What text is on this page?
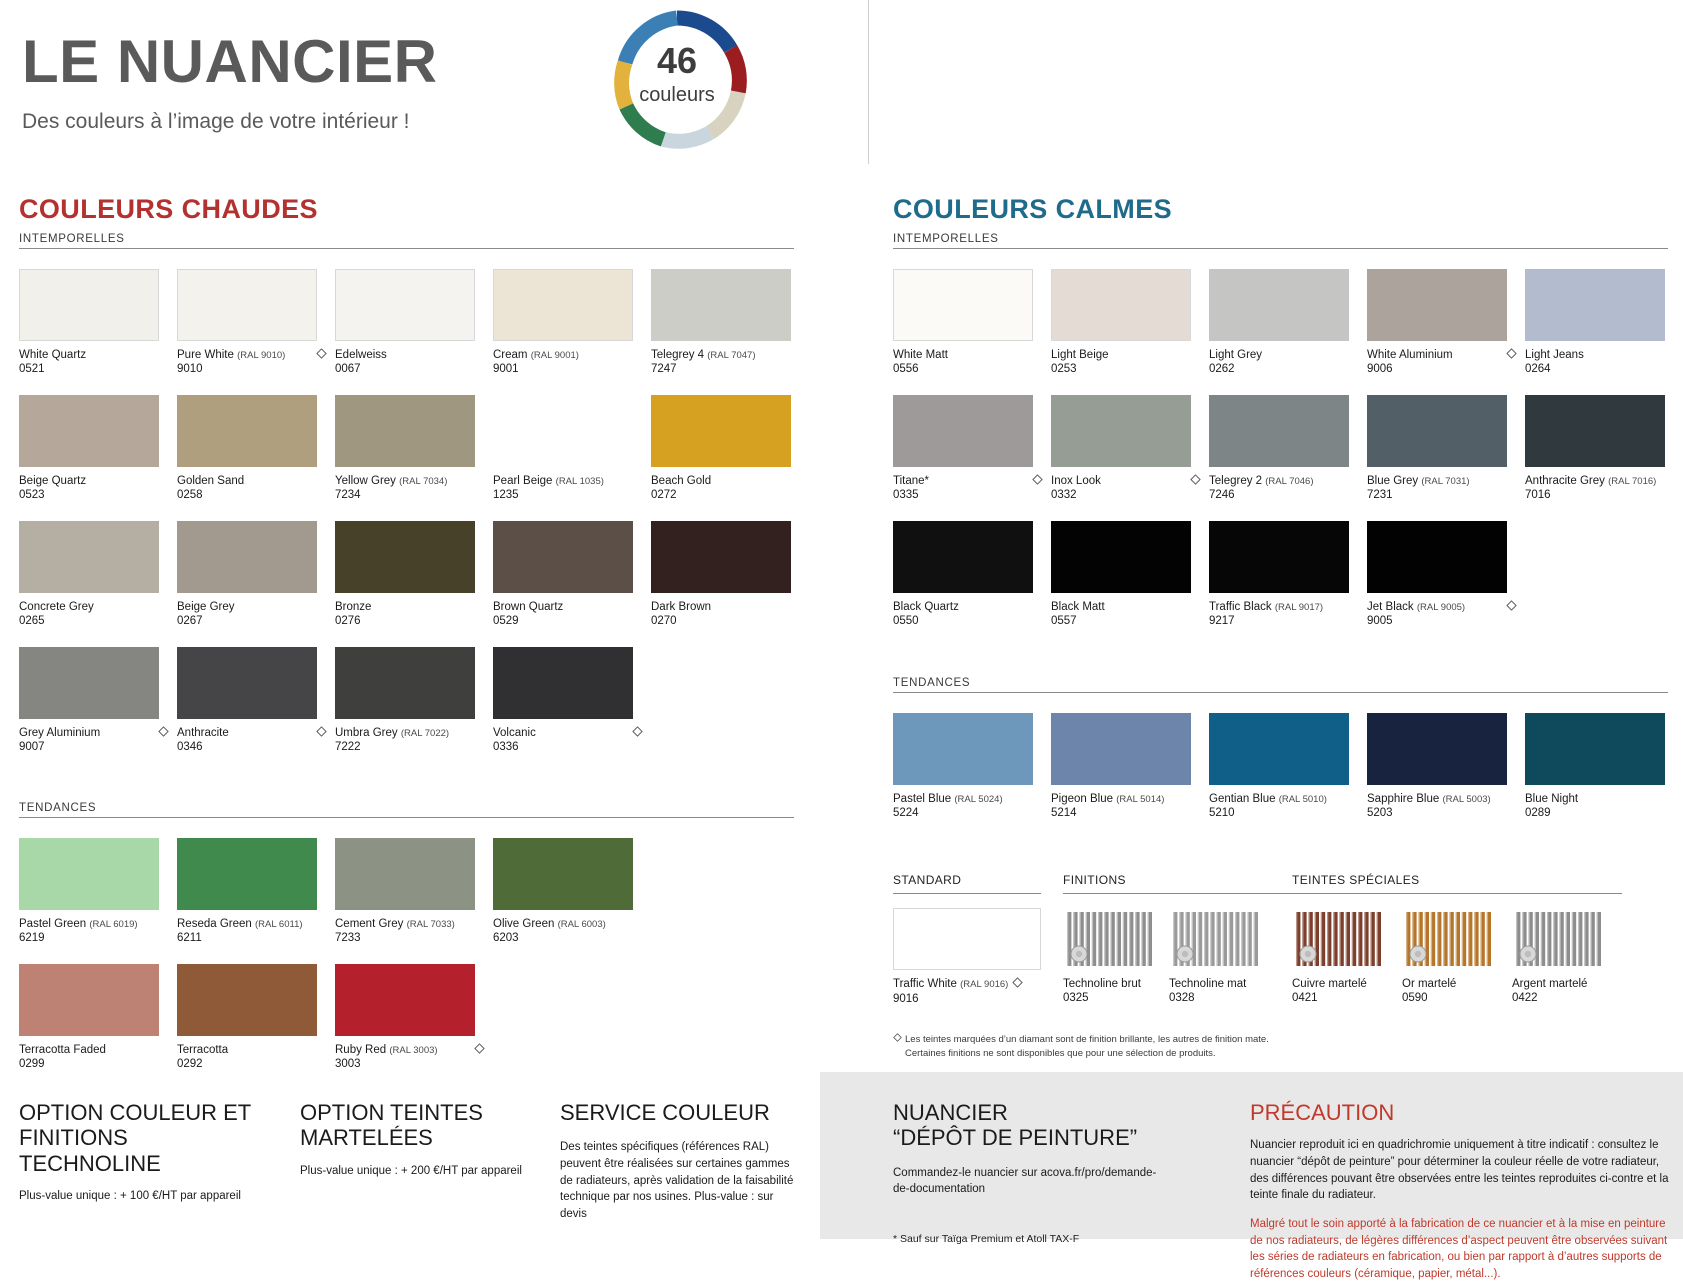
LE NUANCIER
Des couleurs à l’image de votre intérieur !
46
couleurs
COULEURS CHAUDES	COULEURS CALMES
INTEMPORELLES
TENDANCES
INTEMPORELLES
TENDANCES
White Quartz
0521
Pure White (RAL 9010)
9010
Edelweiss
0067
Cream (RAL 9001)
9001
Telegrey 4 (RAL 7047)
7247
Beige Quartz
0523
Golden Sand
0258
Yellow Grey (RAL 7034)
7234
Pearl Beige (RAL 1035)
1235
Beach Gold
0272
Concrete Grey
0265
Beige Grey
0267
Bronze
0276
Brown Quartz
0529
Dark Brown
0270
Grey Aluminium
9007
Anthracite
0346
Umbra Grey (RAL 7022)
7222
Volcanic
0336
Pastel Green (RAL 6019)
6219
Reseda Green (RAL 6011)
6211
Cement Grey (RAL 7033)
7233
Olive Green (RAL 6003)
6203
Terracotta Faded
0299
Terracotta
0292
Ruby Red (RAL 3003)
3003
White Matt
0556
Light Beige
0253
Light Grey
0262
White Aluminium
9006
Light Jeans
0264
Titane*
0335
Inox Look
0332
Telegrey 2 (RAL 7046)
7246
Blue Grey (RAL 7031)
7231
Anthracite Grey (RAL 7016)
7016
Black Quartz
0550
Black Matt
0557
Traffic Black (RAL 9017)
9217
Jet Black (RAL 9005)
9005
Pastel Blue (RAL 5024)
5224
Pigeon Blue (RAL 5014)
5214
Gentian Blue (RAL 5010)
5210
Sapphire Blue (RAL 5003)
5203
Blue Night
0289
STANDARD	FINITIONS	TEINTES SPÉCIALES
Traffic White (RAL 9016)
9016
Technoline brut
0325
Technoline mat
0328
Cuivre martelé
0421
Or martelé
0590
Argent martelé
0422
Les teintes marquées d’un diamant sont de finition brillante, les autres de finition mate.
Certaines finitions ne sont disponibles que pour une sélection de produits.
OPTION COULEUR ET
FINITIONS TECHNOLINE
Plus-value unique : + 100 €/HT par appareil
OPTION TEINTES
MARTELÉES
Plus-value unique : + 200 €/HT par appareil
SERVICE COULEUR
Des teintes spécifiques (références RAL) peuvent être réalisées sur certaines gammes de radiateurs, après validation de la faisabilité technique par nos usines. Plus-value : sur devis
NUANCIER
“DÉPÔT DE PEINTURE”
Commandez-le nuancier sur acova.fr/pro/demande-de-documentation
* Sauf sur Taïga Premium et Atoll TAX-F
PRÉCAUTION
Nuancier reproduit ici en quadrichromie uniquement à titre indicatif : consultez le nuancier “dépôt de peinture” pour déterminer la couleur réelle de votre radiateur, des différences pouvant être observées entre les teintes reproduites ci-contre et la teinte finale du radiateur.
Malgré tout le soin apporté à la fabrication de ce nuancier et à la mise en peinture de nos radiateurs, de légères différences d’aspect peuvent être observées suivant les séries de radiateurs en fabrication, ou bien par rapport à d’autres supports de références couleurs (céramique, papier, métal...).
